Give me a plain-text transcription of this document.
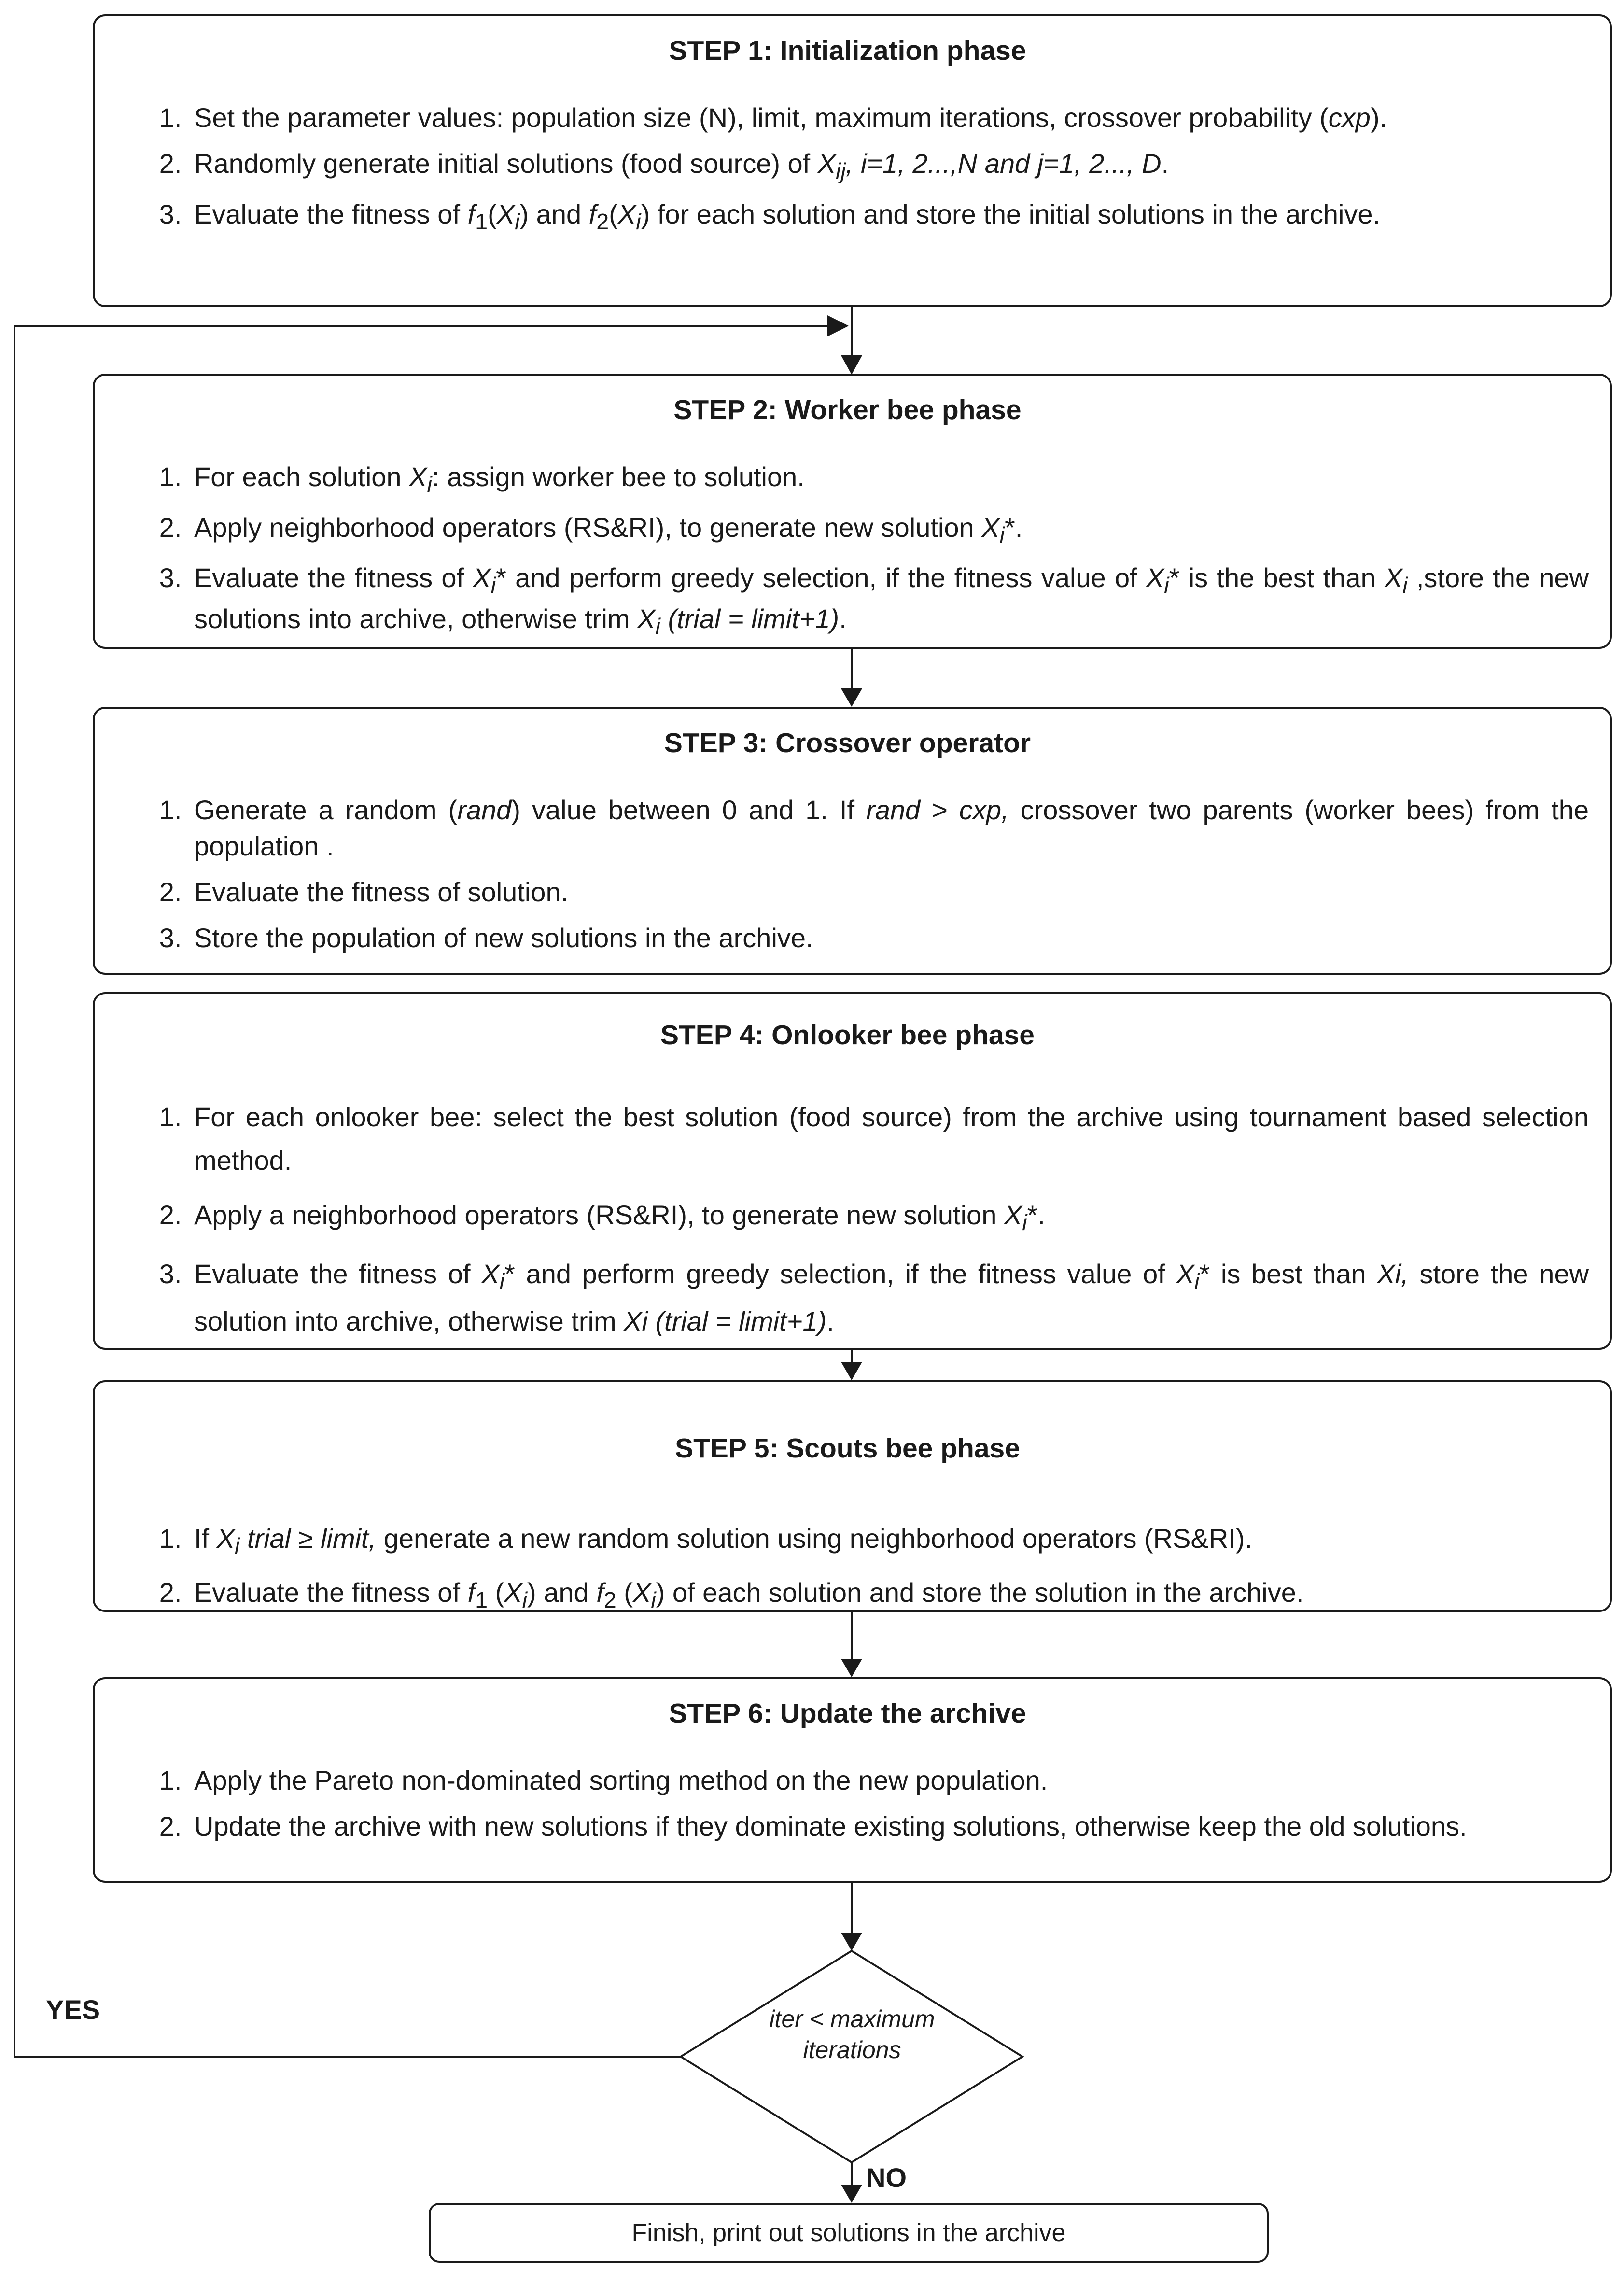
STEP 1: Initialization phase
1. Set the parameter values: population size (N), limit, maximum iterations, crossover probability (cxp).
2. Randomly generate initial solutions (food source) of $X_{ij}$, i=1, 2...,N and j=1, 2..., D.
3. Evaluate the fitness of $f_1(X_i)$ and $f_2(X_i)$ for each solution and store the initial solutions in the archive.
STEP 2: Worker bee phase
1. For each solution $X_i$: assign worker bee to solution.
2. Apply neighborhood operators (RS&RI), to generate new solution $X_i*$.
3. Evaluate the fitness of $X_i*$ and perform greedy selection, if the fitness value of $X_i*$ is the best than $X_i$ ,store the new solutions into archive, otherwise trim $X_i$ (trial = limit+1).
STEP 3: Crossover operator
1. Generate a random (rand) value between 0 and 1. If rand > cxp, crossover two parents (worker bees) from the population .
2. Evaluate the fitness of solution.
3. Store the population of new solutions in the archive.
STEP 4: Onlooker bee phase
1. For each onlooker bee: select the best solution (food source) from the archive using tournament based selection method.
2. Apply a neighborhood operators (RS&RI), to generate new solution $X_i*$.
3. Evaluate the fitness of $X_i*$ and perform greedy selection, if the fitness value of $X_i*$ is best than Xi, store the new solution into archive, otherwise trim Xi (trial = limit+1).
STEP 5: Scouts bee phase
1. If $X_i$ trial ≥ limit, generate a new random solution using neighborhood operators (RS&RI).
2. Evaluate the fitness of $f_1$ $(X_i)$ and $f_2$ $(X_i)$ of each solution and store the solution in the archive.
STEP 6: Update the archive
1. Apply the Pareto non-dominated sorting method on the new population.
2. Update the archive with new solutions if they dominate existing solutions, otherwise keep the old solutions.
iter < maximum
iterations
YES
NO
Finish, print out solutions in the archive
